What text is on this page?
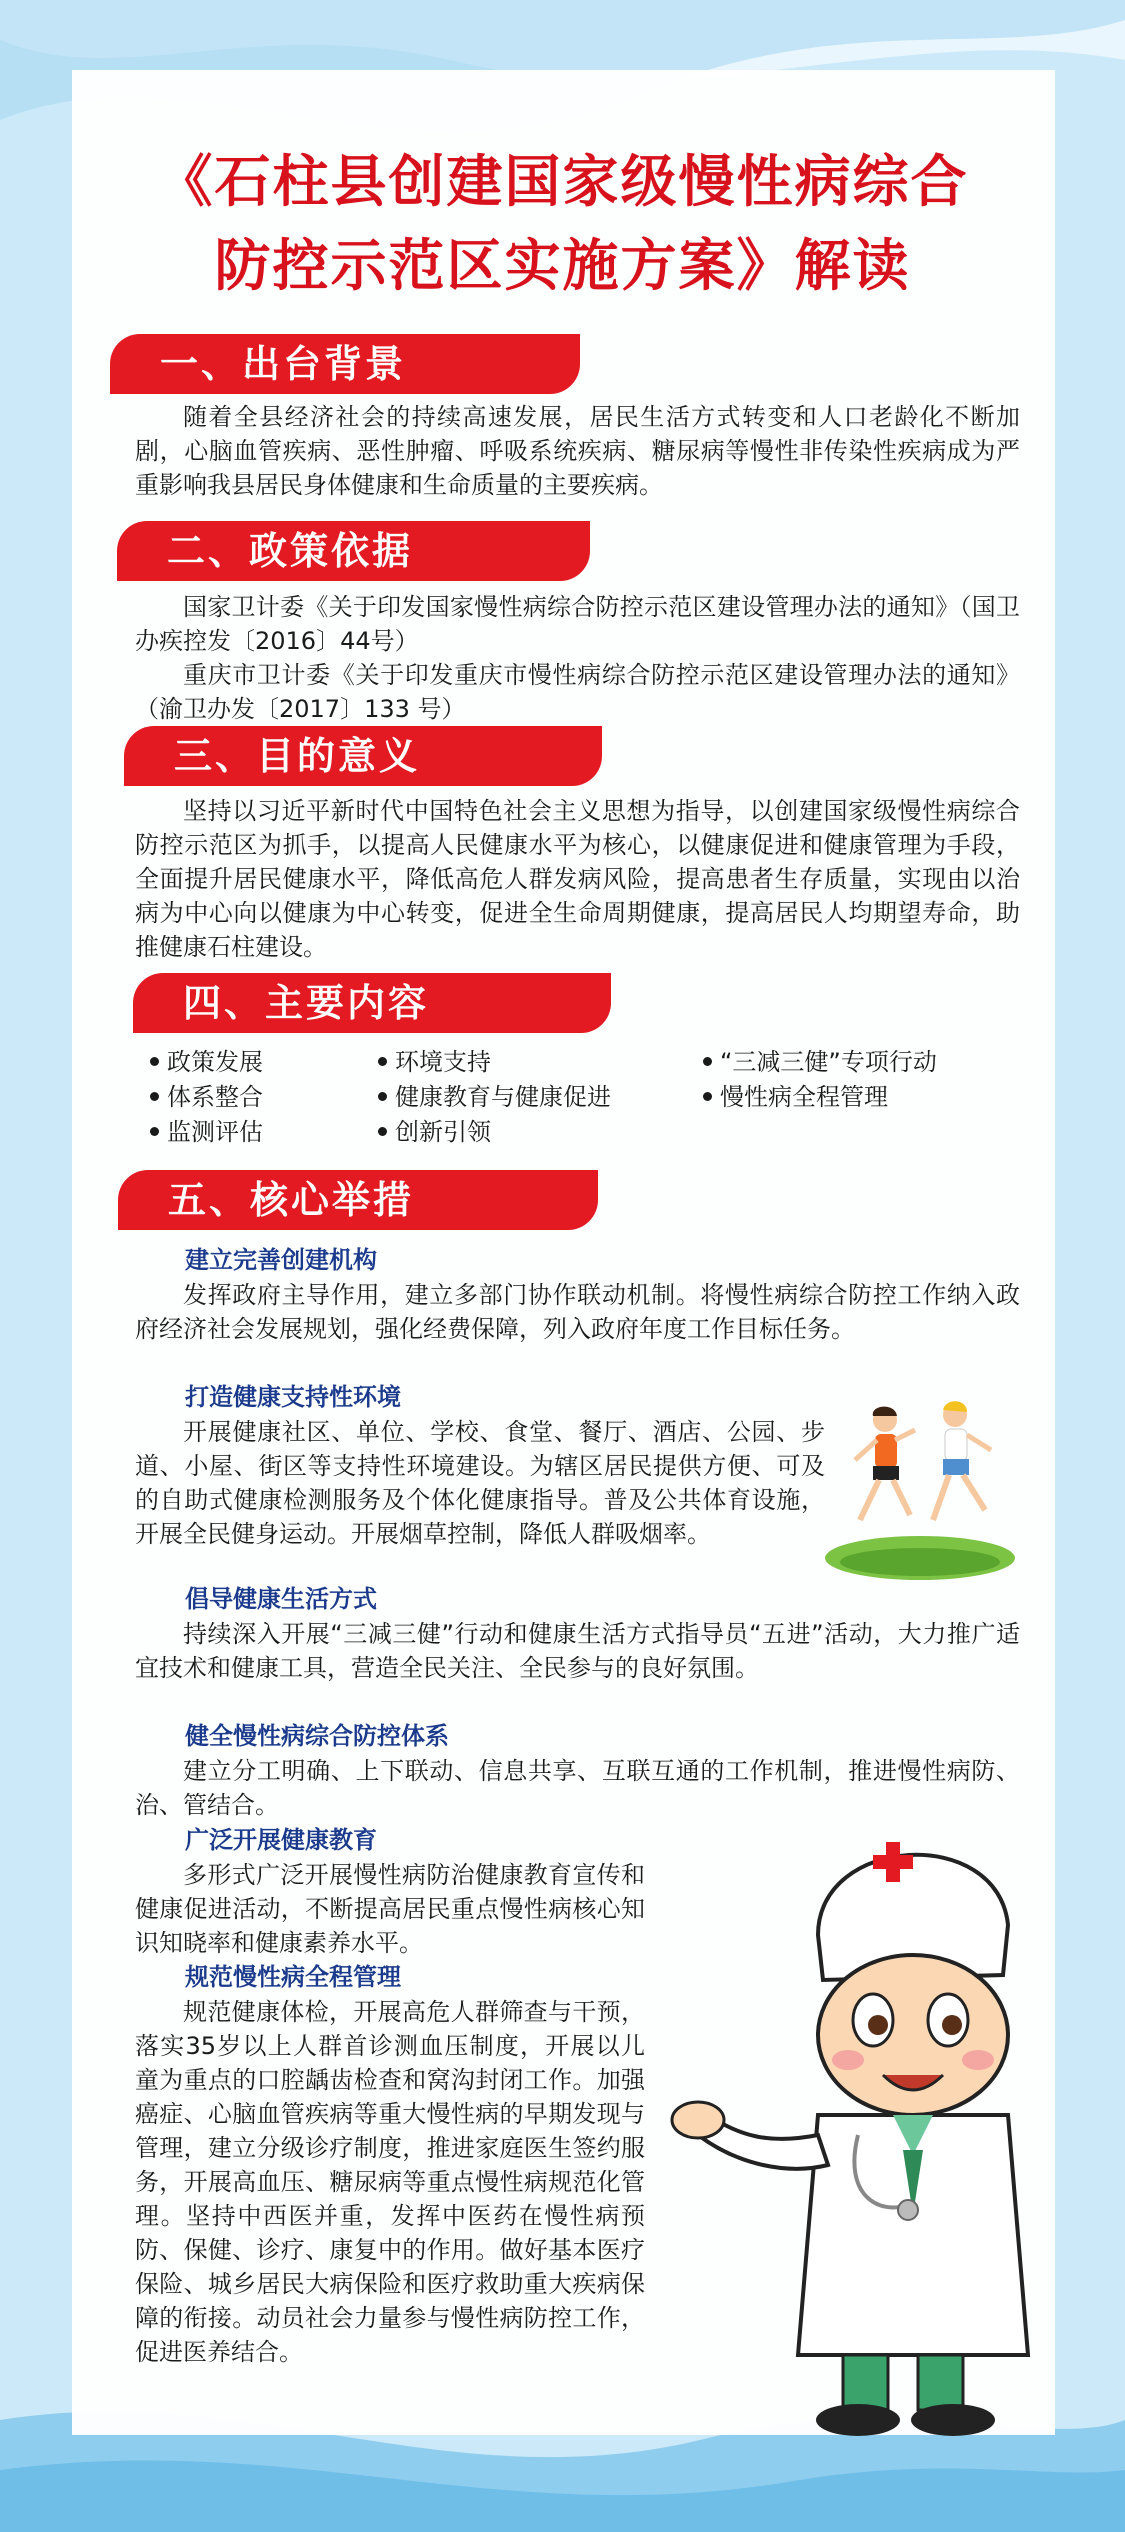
《石柱县创建国家级慢性病综合
防控示范区实施方案》解读
一、出台背景
随着全县经济社会的持续高速发展，居民生活方式转变和人口老龄化不断加剧，心脑血管疾病、恶性肿瘤、呼吸系统疾病、糖尿病等慢性非传染性疾病成为严重影响我县居民身体健康和生命质量的主要疾病。
二、政策依据
国家卫计委《关于印发国家慢性病综合防控示范区建设管理办法的通知》（国卫办疾控发〔2016〕44号）
重庆市卫计委《关于印发重庆市慢性病综合防控示范区建设管理办法的通知》（渝卫办发〔2017〕133 号）
三、目的意义
坚持以习近平新时代中国特色社会主义思想为指导，以创建国家级慢性病综合防控示范区为抓手，以提高人民健康水平为核心，以健康促进和健康管理为手段，全面提升居民健康水平，降低高危人群发病风险，提高患者生存质量，实现由以治病为中心向以健康为中心转变，促进全生命周期健康，提高居民人均期望寿命，助推健康石柱建设。
四、主要内容
政策发展
体系整合
监测评估
环境支持
健康教育与健康促进
创新引领
“三减三健”专项行动
慢性病全程管理
五、核心举措
建立完善创建机构
发挥政府主导作用，建立多部门协作联动机制。将慢性病综合防控工作纳入政府经济社会发展规划，强化经费保障，列入政府年度工作目标任务。
打造健康支持性环境
开展健康社区、单位、学校、食堂、餐厅、酒店、公园、步道、小屋、街区等支持性环境建设。为辖区居民提供方便、可及的自助式健康检测服务及个体化健康指导。普及公共体育设施，开展全民健身运动。开展烟草控制，降低人群吸烟率。
倡导健康生活方式
持续深入开展“三减三健”行动和健康生活方式指导员“五进”活动，大力推广适宜技术和健康工具，营造全民关注、全民参与的良好氛围。
健全慢性病综合防控体系
建立分工明确、上下联动、信息共享、互联互通的工作机制，推进慢性病防、治、管结合。
广泛开展健康教育
多形式广泛开展慢性病防治健康教育宣传和健康促进活动，不断提高居民重点慢性病核心知识知晓率和健康素养水平。
规范慢性病全程管理
规范健康体检，开展高危人群筛查与干预，落实35岁以上人群首诊测血压制度，开展以儿童为重点的口腔龋齿检查和窝沟封闭工作。加强癌症、心脑血管疾病等重大慢性病的早期发现与管理，建立分级诊疗制度，推进家庭医生签约服务，开展高血压、糖尿病等重点慢性病规范化管理。坚持中西医并重，发挥中医药在慢性病预防、保健、诊疗、康复中的作用。做好基本医疗保险、城乡居民大病保险和医疗救助重大疾病保障的衔接。动员社会力量参与慢性病防控工作，促进医养结合。
